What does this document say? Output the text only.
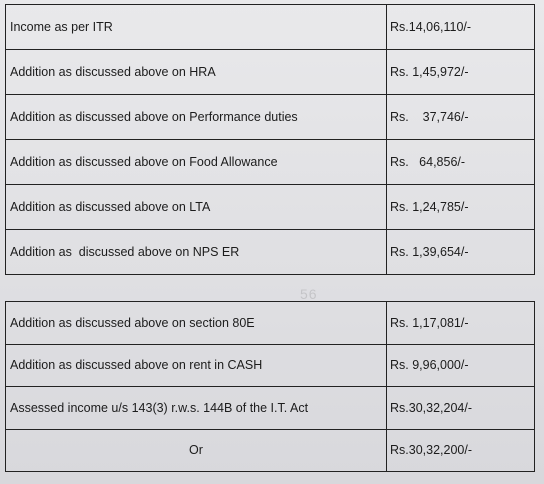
56
Income as per ITR	Rs.14,06,110/-
Addition as discussed above on HRA	Rs. 1,45,972/-
Addition as discussed above on Performance duties	Rs.    37,746/-
Addition as discussed above on Food Allowance	Rs.   64,856/-
Addition as discussed above on LTA	Rs. 1,24,785/-
Addition as  discussed above on NPS ER	Rs. 1,39,654/-
Addition as discussed above on section 80E	Rs. 1,17,081/-
Addition as discussed above on rent in CASH	Rs. 9,96,000/-
Assessed income u/s 143(3) r.w.s. 144B of the I.T. Act	Rs.30,32,204/-
Or	Rs.30,32,200/-
